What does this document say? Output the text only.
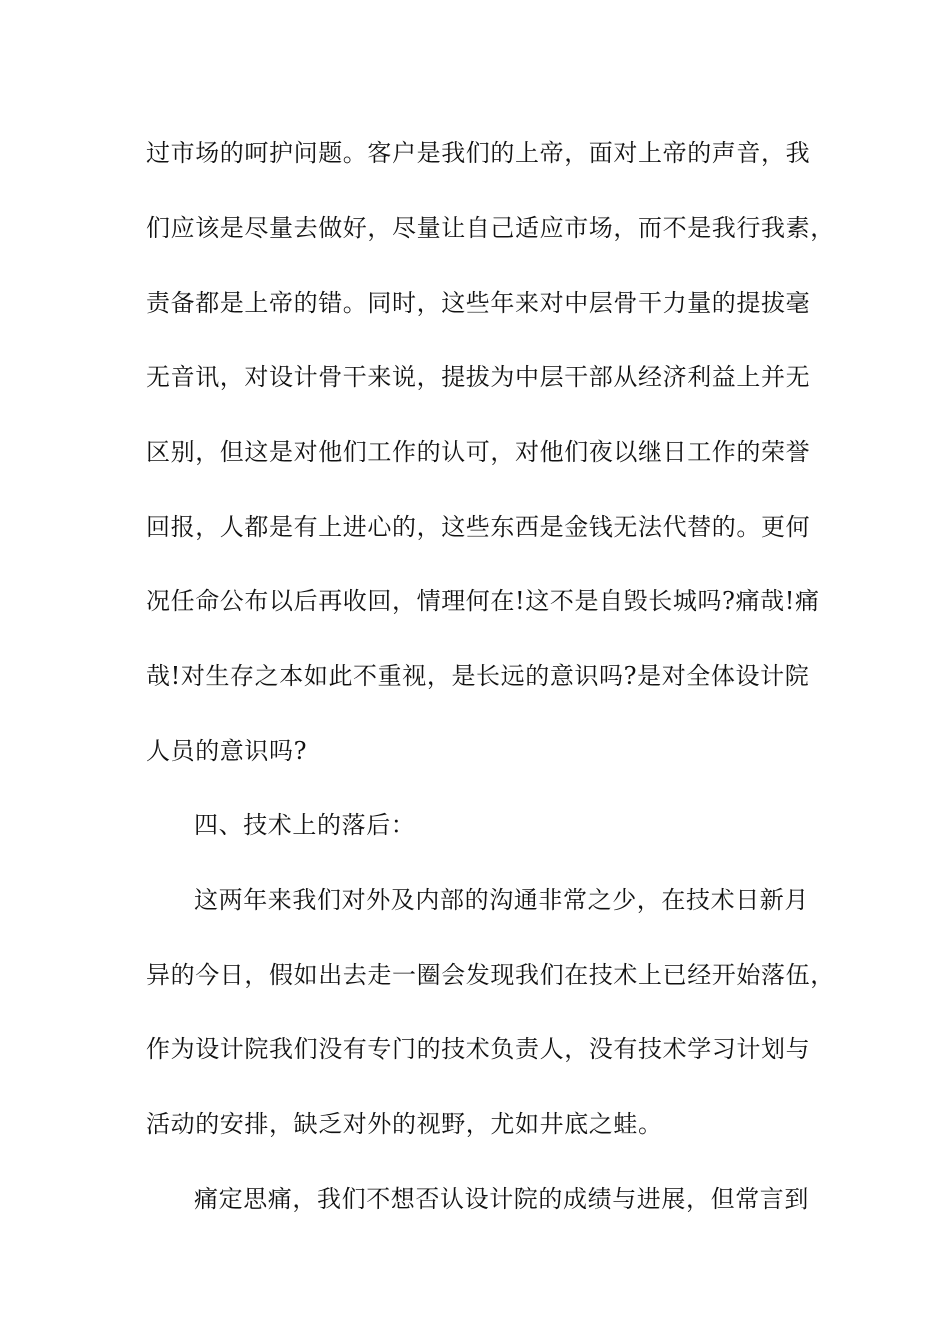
过市场的呵护问题。客户是我们的上帝，面对上帝的声音，我
们应该是尽量去做好，尽量让自己适应市场，而不是我行我素，
责备都是上帝的错。同时，这些年来对中层骨干力量的提拔毫
无音讯，对设计骨干来说，提拔为中层干部从经济利益上并无
区别，但这是对他们工作的认可，对他们夜以继日工作的荣誉
回报，人都是有上进心的，这些东西是金钱无法代替的。更何
况任命公布以后再收回，情理何在!这不是自毁长城吗?痛哉!痛
哉!对生存之本如此不重视，是长远的意识吗?是对全体设计院
人员的意识吗?
四、技术上的落后：
这两年来我们对外及内部的沟通非常之少，在技术日新月
异的今日，假如出去走一圈会发现我们在技术上已经开始落伍，
作为设计院我们没有专门的技术负责人，没有技术学习计划与
活动的安排，缺乏对外的视野，尤如井底之蛙。
痛定思痛，我们不想否认设计院的成绩与进展，但常言到
